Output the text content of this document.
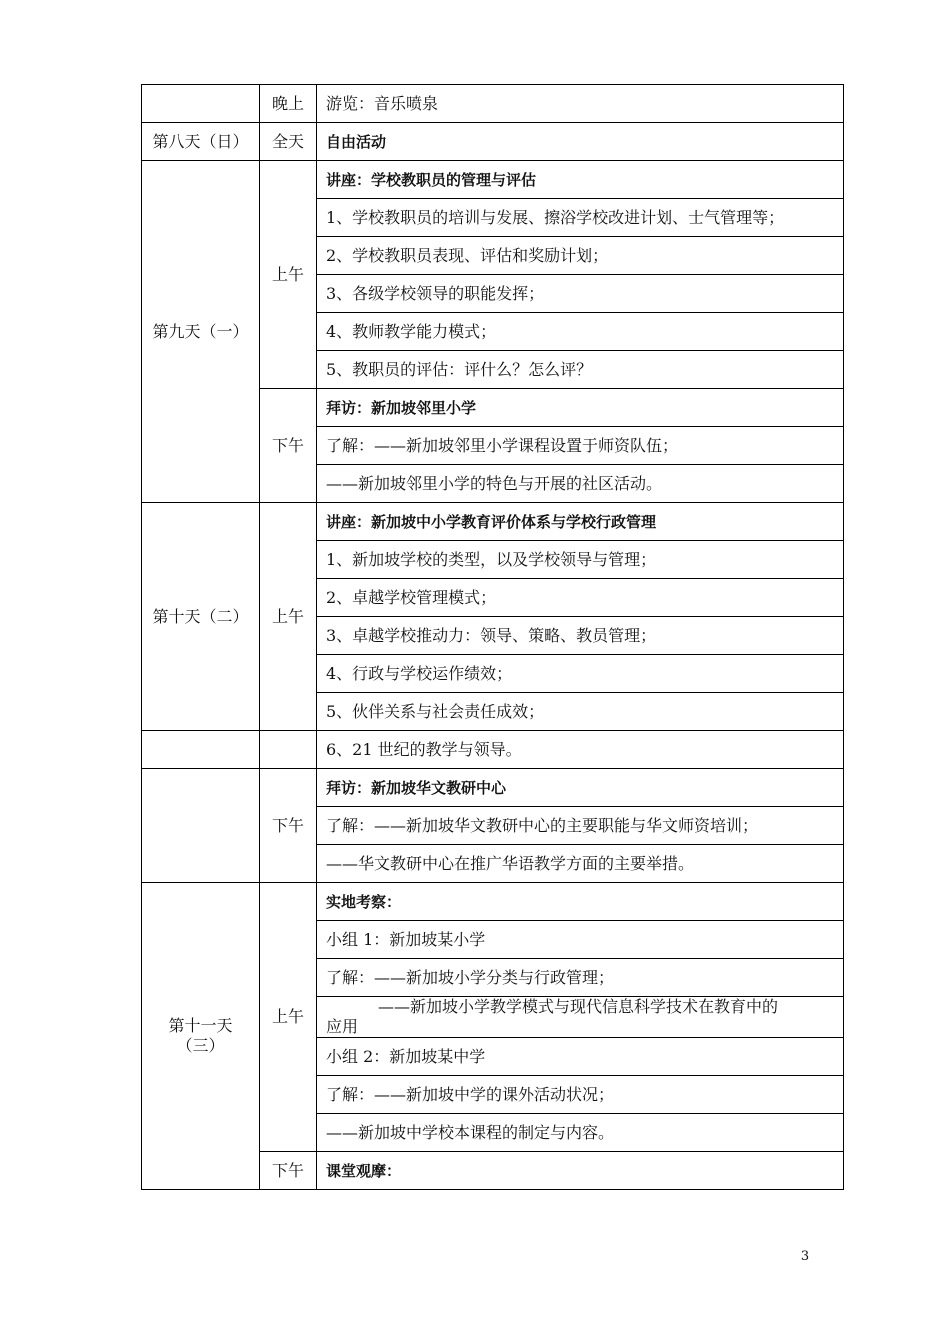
	晚上	游览：音乐喷泉
第八天（日）	全天	自由活动
第九天（一）	上午	讲座：学校教职员的管理与评估
		1、学校教职员的培训与发展、擦浴学校改进计划、士气管理等；
		2、学校教职员表现、评估和奖励计划；
		3、各级学校领导的职能发挥；
		4、教师教学能力模式；
		5、教职员的评估：评什么？怎么评？
	下午	拜访：新加坡邻里小学
		了解：——新加坡邻里小学课程设置于师资队伍；
		——新加坡邻里小学的特色与开展的社区活动。
第十天（二）	上午	讲座：新加坡中小学教育评价体系与学校行政管理
		1、新加坡学校的类型，以及学校领导与管理；
		2、卓越学校管理模式；
		3、卓越学校推动力：领导、策略、教员管理；
		4、行政与学校运作绩效；
		5、伙伴关系与社会责任成效；
		6、21 世纪的教学与领导。
	下午	拜访：新加坡华文教研中心
		了解：——新加坡华文教研中心的主要职能与华文师资培训；
		——华文教研中心在推广华语教学方面的主要举措。
第十一天
（三）	上午	实地考察：
		小组 1：新加坡某小学
		了解：——新加坡小学分类与行政管理；
		——新加坡小学教学模式与现代信息科学技术在教育中的
应用
		小组 2：新加坡某中学
		了解：——新加坡中学的课外活动状况；
		——新加坡中学校本课程的制定与内容。
	下午	课堂观摩：
3
